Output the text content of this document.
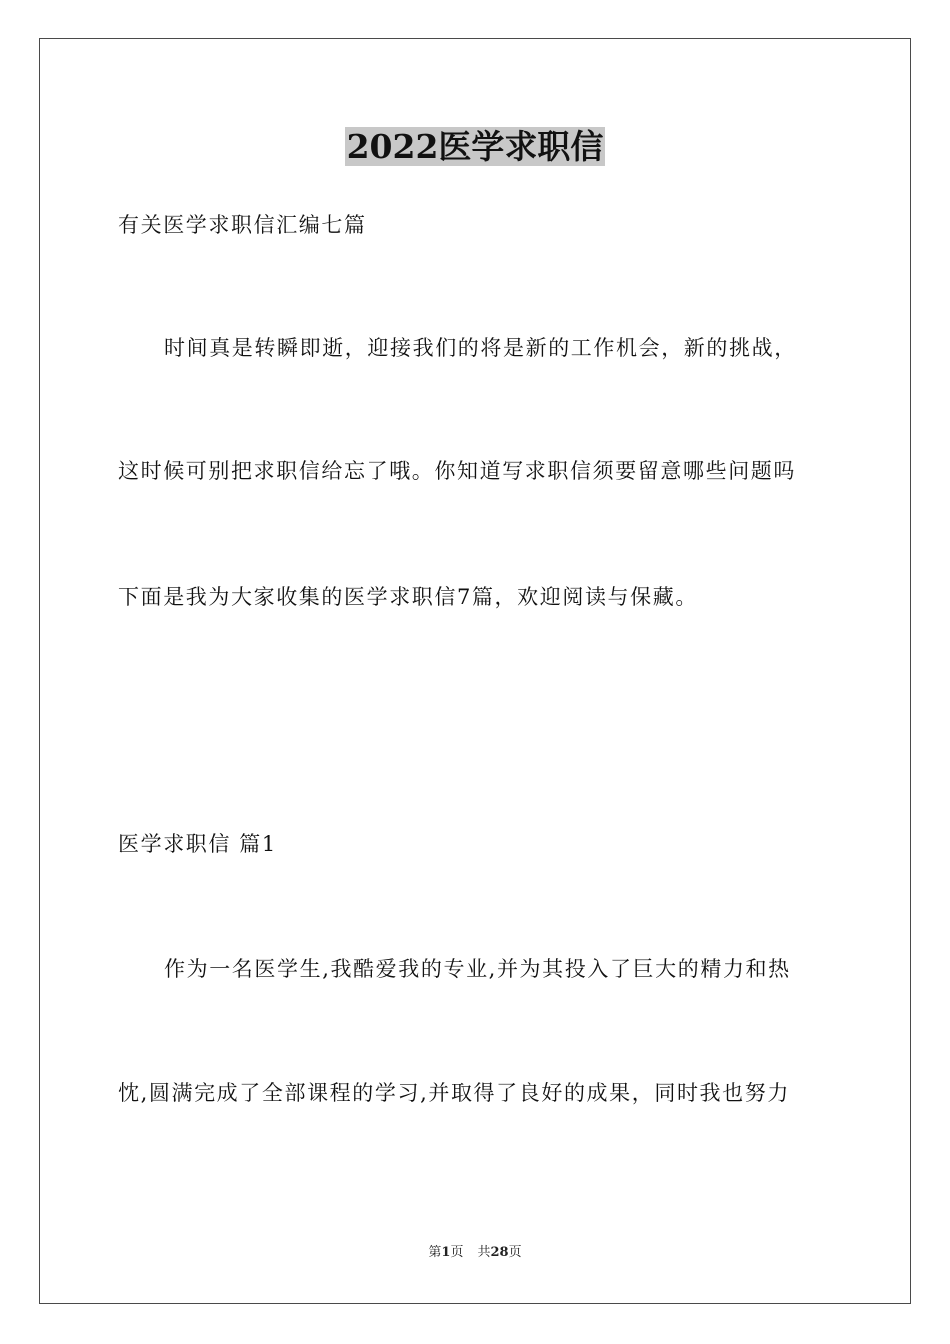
2022医学求职信
有关医学求职信汇编七篇
时间真是转瞬即逝，迎接我们的将是新的工作机会，新的挑战，
这时候可别把求职信给忘了哦。你知道写求职信须要留意哪些问题吗
下面是我为大家收集的医学求职信7篇，欢迎阅读与保藏。
医学求职信 篇1
作为一名医学生,我酷爱我的专业,并为其投入了巨大的精力和热
忱,圆满完成了全部课程的学习,并取得了良好的成果，同时我也努力
第1页 共28页
